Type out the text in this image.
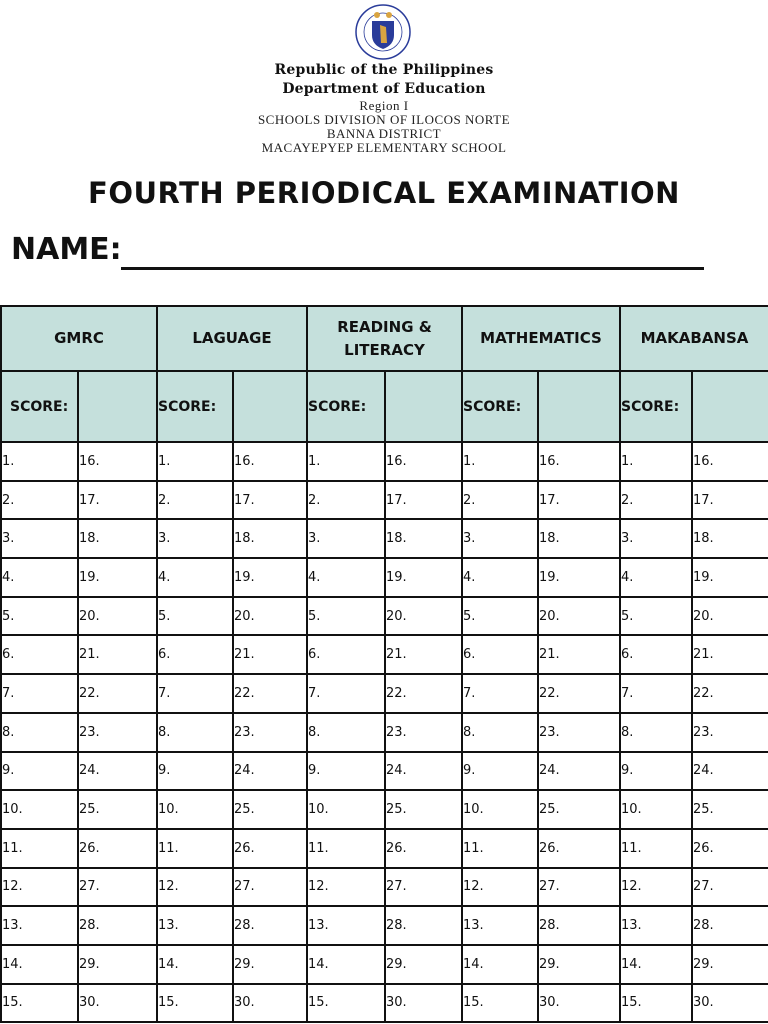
Republic of the Philippines
Department of Education
Region I
SCHOOLS DIVISION OF ILOCOS NORTE
BANNA DISTRICT
MACAYEPYEP ELEMENTARY SCHOOL
FOURTH PERIODICAL EXAMINATION
NAME:
GMRC		LAGUAGE		READING & LITERACY		MATHEMATICS		MAKABANSA	
SCORE:		SCORE:		SCORE:		SCORE:		SCORE:	
1.	16.	1.	16.	1.	16.	1.	16.	1.	16.
2.	17.	2.	17.	2.	17.	2.	17.	2.	17.
3.	18.	3.	18.	3.	18.	3.	18.	3.	18.
4.	19.	4.	19.	4.	19.	4.	19.	4.	19.
5.	20.	5.	20.	5.	20.	5.	20.	5.	20.
6.	21.	6.	21.	6.	21.	6.	21.	6.	21.
7.	22.	7.	22.	7.	22.	7.	22.	7.	22.
8.	23.	8.	23.	8.	23.	8.	23.	8.	23.
9.	24.	9.	24.	9.	24.	9.	24.	9.	24.
10.	25.	10.	25.	10.	25.	10.	25.	10.	25.
11.	26.	11.	26.	11.	26.	11.	26.	11.	26.
12.	27.	12.	27.	12.	27.	12.	27.	12.	27.
13.	28.	13.	28.	13.	28.	13.	28.	13.	28.
14.	29.	14.	29.	14.	29.	14.	29.	14.	29.
15.	30.	15.	30.	15.	30.	15.	30.	15.	30.
